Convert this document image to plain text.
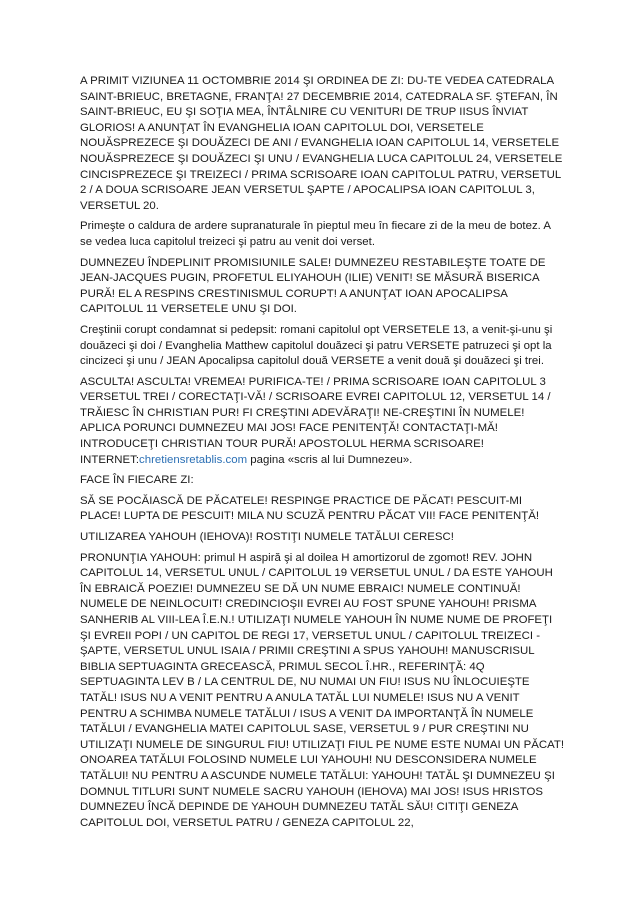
A PRIMIT VIZIUNEA 11 OCTOMBRIE 2014 ŞI ORDINEA DE ZI: DU-TE VEDEA CATEDRALA SAINT-BRIEUC, BRETAGNE, FRANŢA! 27 DECEMBRIE 2014, CATEDRALA SF. ŞTEFAN, ÎN SAINT-BRIEUC, EU ŞI SOŢIA MEA, ÎNTÂLNIRE CU VENITURI DE TRUP IISUS ÎNVIAT GLORIOS! A ANUNŢAT ÎN EVANGHELIA IOAN CAPITOLUL DOI, VERSETELE NOUĂSPREZECE ŞI DOUĂZECI DE ANI / EVANGHELIA IOAN CAPITOLUL 14, VERSETELE NOUĂSPREZECE ŞI DOUĂZECI ŞI UNU / EVANGHELIA LUCA CAPITOLUL 24, VERSETELE CINCISPREZECE ŞI TREIZECI / PRIMA SCRISOARE IOAN CAPITOLUL PATRU, VERSETUL 2 / A DOUA SCRISOARE JEAN VERSETUL ŞAPTE / APOCALIPSA IOAN CAPITOLUL 3, VERSETUL 20.

Primeşte o caldura de ardere supranaturale în pieptul meu în fiecare zi de la meu de botez. A se vedea luca capitolul treizeci şi patru au venit doi verset.

DUMNEZEU ÎNDEPLINIT PROMISIUNILE SALE! DUMNEZEU RESTABILEŞTE TOATE DE JEAN-JACQUES PUGIN, PROFETUL ELIYAHOUH (ILIE) VENIT! SE MĂSURĂ BISERICA PURĂ! EL A RESPINS CRESTINISMUL CORUPT! A ANUNŢAT IOAN APOCALIPSA CAPITOLUL 11 VERSETELE UNU ŞI DOI.

Creştinii corupt condamnat si pedepsit: romani capitolul opt VERSETELE 13, a venit-şi-unu şi douăzeci şi doi / Evanghelia Matthew capitolul douăzeci şi patru VERSETE patruzeci şi opt la cincizeci şi unu / JEAN Apocalipsa capitolul două VERSETE a venit două şi douăzeci şi trei.

ASCULTA! ASCULTA! VREMEA! PURIFICA-TE! / PRIMA SCRISOARE IOAN CAPITOLUL 3 VERSETUL TREI / CORECTAŢI-VĂ! / SCRISOARE EVREI CAPITOLUL 12, VERSETUL 14 / TRĂIESC ÎN CHRISTIAN PUR! FI CREŞTINI ADEVĂRAŢI! NE-CREŞTINI ÎN NUMELE! APLICA PORUNCI DUMNEZEU MAI JOS! FACE PENITENŢĂ! CONTACTAŢI-MĂ! INTRODUCEŢI CHRISTIAN TOUR PURĂ! APOSTOLUL HERMA SCRISOARE!
INTERNET:chretiensretablis.com pagina «scris al lui Dumnezeu».

FACE ÎN FIECARE ZI:

SĂ SE POCĂIASCĂ DE PĂCATELE! RESPINGE PRACTICE DE PĂCAT! PESCUIT-MI PLACE! LUPTA DE PESCUIT! MILA NU SCUZĂ PENTRU PĂCAT VII! FACE PENITENŢĂ!

UTILIZAREA YAHOUH (IEHOVA)! ROSTIŢI NUMELE TATĂLUI CERESC!

PRONUNŢIA YAHOUH: primul H aspiră şi al doilea H amortizorul de zgomot! REV. JOHN CAPITOLUL 14, VERSETUL UNUL / CAPITOLUL 19 VERSETUL UNUL / DA ESTE YAHOUH ÎN EBRAICĂ POEZIE! DUMNEZEU SE DĂ UN NUME EBRAIC! NUMELE CONTINUĂ! NUMELE DE NEINLOCUIT! CREDINCIOŞII EVREI AU FOST SPUNE YAHOUH! PRISMA SANHERIB AL VIII-LEA Î.E.N.! UTILIZAŢI NUMELE YAHOUH ÎN NUME NUME DE PROFEŢI ŞI EVREII POPI / UN CAPITOL DE REGI 17, VERSETUL UNUL / CAPITOLUL TREIZECI - ŞAPTE, VERSETUL UNUL ISAIA / PRIMII CREŞTINI A SPUS YAHOUH! MANUSCRISUL BIBLIA SEPTUAGINTA GRECEASCĂ, PRIMUL SECOL Î.HR., REFERINŢĂ: 4Q SEPTUAGINTA LEV B / LA CENTRUL DE, NU NUMAI UN FIU! ISUS NU ÎNLOCUIEŞTE TATĂL! ISUS NU A VENIT PENTRU A ANULA TATĂL LUI NUMELE! ISUS NU A VENIT PENTRU A SCHIMBA NUMELE TATĂLUI / ISUS A VENIT DA IMPORTANŢĂ ÎN NUMELE TATĂLUI / EVANGHELIA MATEI CAPITOLUL SASE, VERSETUL 9 / PUR CREŞTINI NU UTILIZAŢI NUMELE DE SINGURUL FIU! UTILIZAŢI FIUL PE NUME ESTE NUMAI UN PĂCAT! ONOAREA TATĂLUI FOLOSIND NUMELE LUI YAHOUH! NU DESCONSIDERA NUMELE TATĂLUI! NU PENTRU A ASCUNDE NUMELE TATĂLUI: YAHOUH! TATĂL ŞI DUMNEZEU ŞI DOMNUL TITLURI SUNT NUMELE SACRU YAHOUH (IEHOVA) MAI JOS! ISUS HRISTOS DUMNEZEU ÎNCĂ DEPINDE DE YAHOUH DUMNEZEU TATĂL SĂU! CITIŢI GENEZA CAPITOLUL DOI, VERSETUL PATRU / GENEZA CAPITOLUL 22,
